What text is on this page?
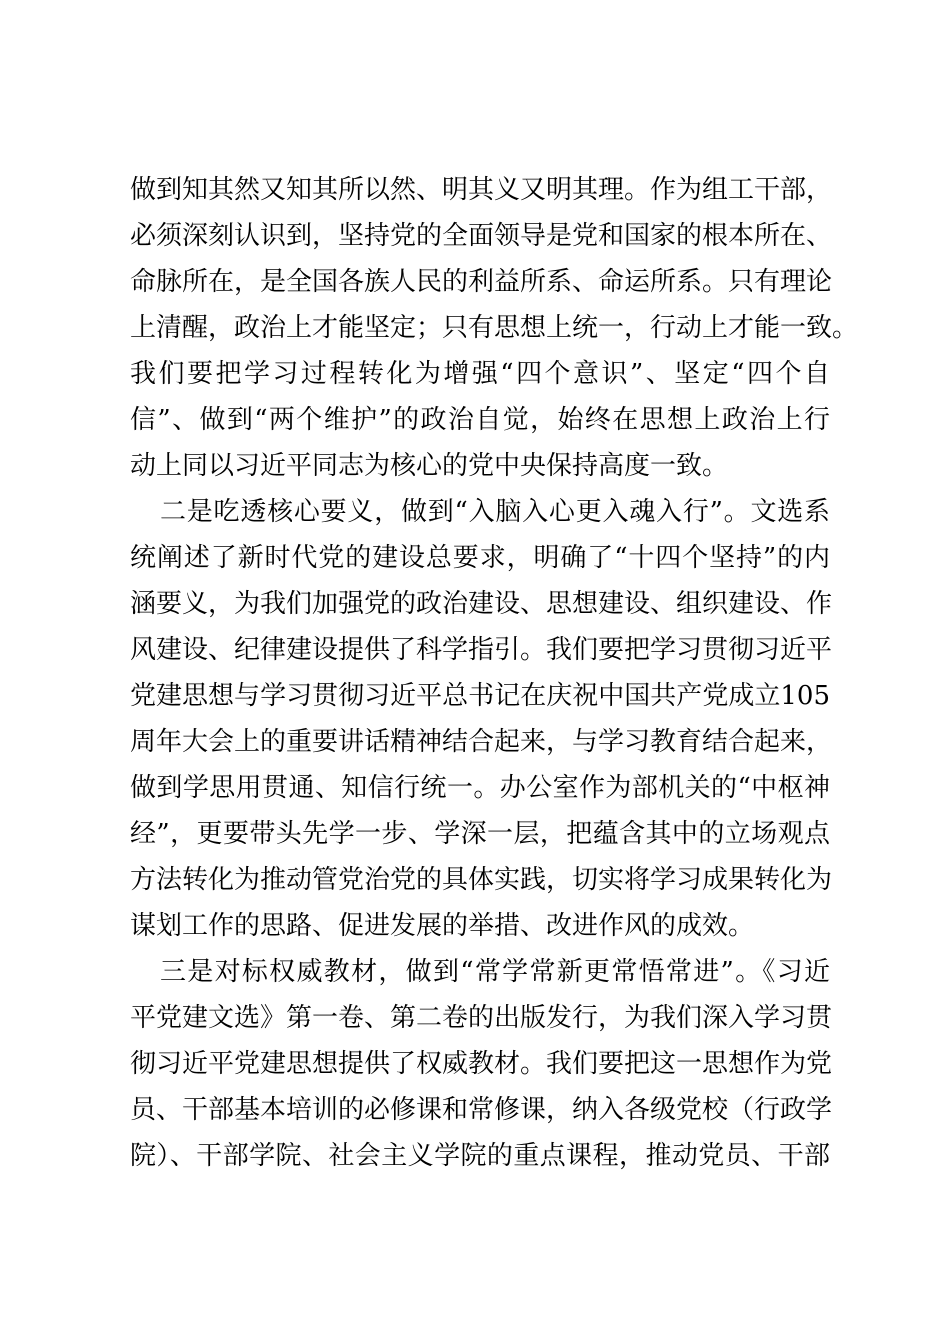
做到知其然又知其所以然、明其义又明其理。作为组工干部，

必须深刻认识到，坚持党的全面领导是党和国家的根本所在、

命脉所在，是全国各族人民的利益所系、命运所系。只有理论

上清醒，政治上才能坚定；只有思想上统一，行动上才能一致。

我们要把学习过程转化为增强“四个意识”、坚定“四个自

信”、做到“两个维护”的政治自觉，始终在思想上政治上行

动上同以习近平同志为核心的党中央保持高度一致。

二是吃透核心要义，做到“入脑入心更入魂入行”。文选系

统阐述了新时代党的建设总要求，明确了“十四个坚持”的内

涵要义，为我们加强党的政治建设、思想建设、组织建设、作

风建设、纪律建设提供了科学指引。我们要把学习贯彻习近平

党建思想与学习贯彻习近平总书记在庆祝中国共产党成立105

周年大会上的重要讲话精神结合起来，与学习教育结合起来，

做到学思用贯通、知信行统一。办公室作为部机关的“中枢神

经”，更要带头先学一步、学深一层，把蕴含其中的立场观点

方法转化为推动管党治党的具体实践，切实将学习成果转化为

谋划工作的思路、促进发展的举措、改进作风的成效。

三是对标权威教材，做到“常学常新更常悟常进”。《习近

平党建文选》第一卷、第二卷的出版发行，为我们深入学习贯

彻习近平党建思想提供了权威教材。我们要把这一思想作为党

员、干部基本培训的必修课和常修课，纳入各级党校（行政学

院）、干部学院、社会主义学院的重点课程，推动党员、干部
